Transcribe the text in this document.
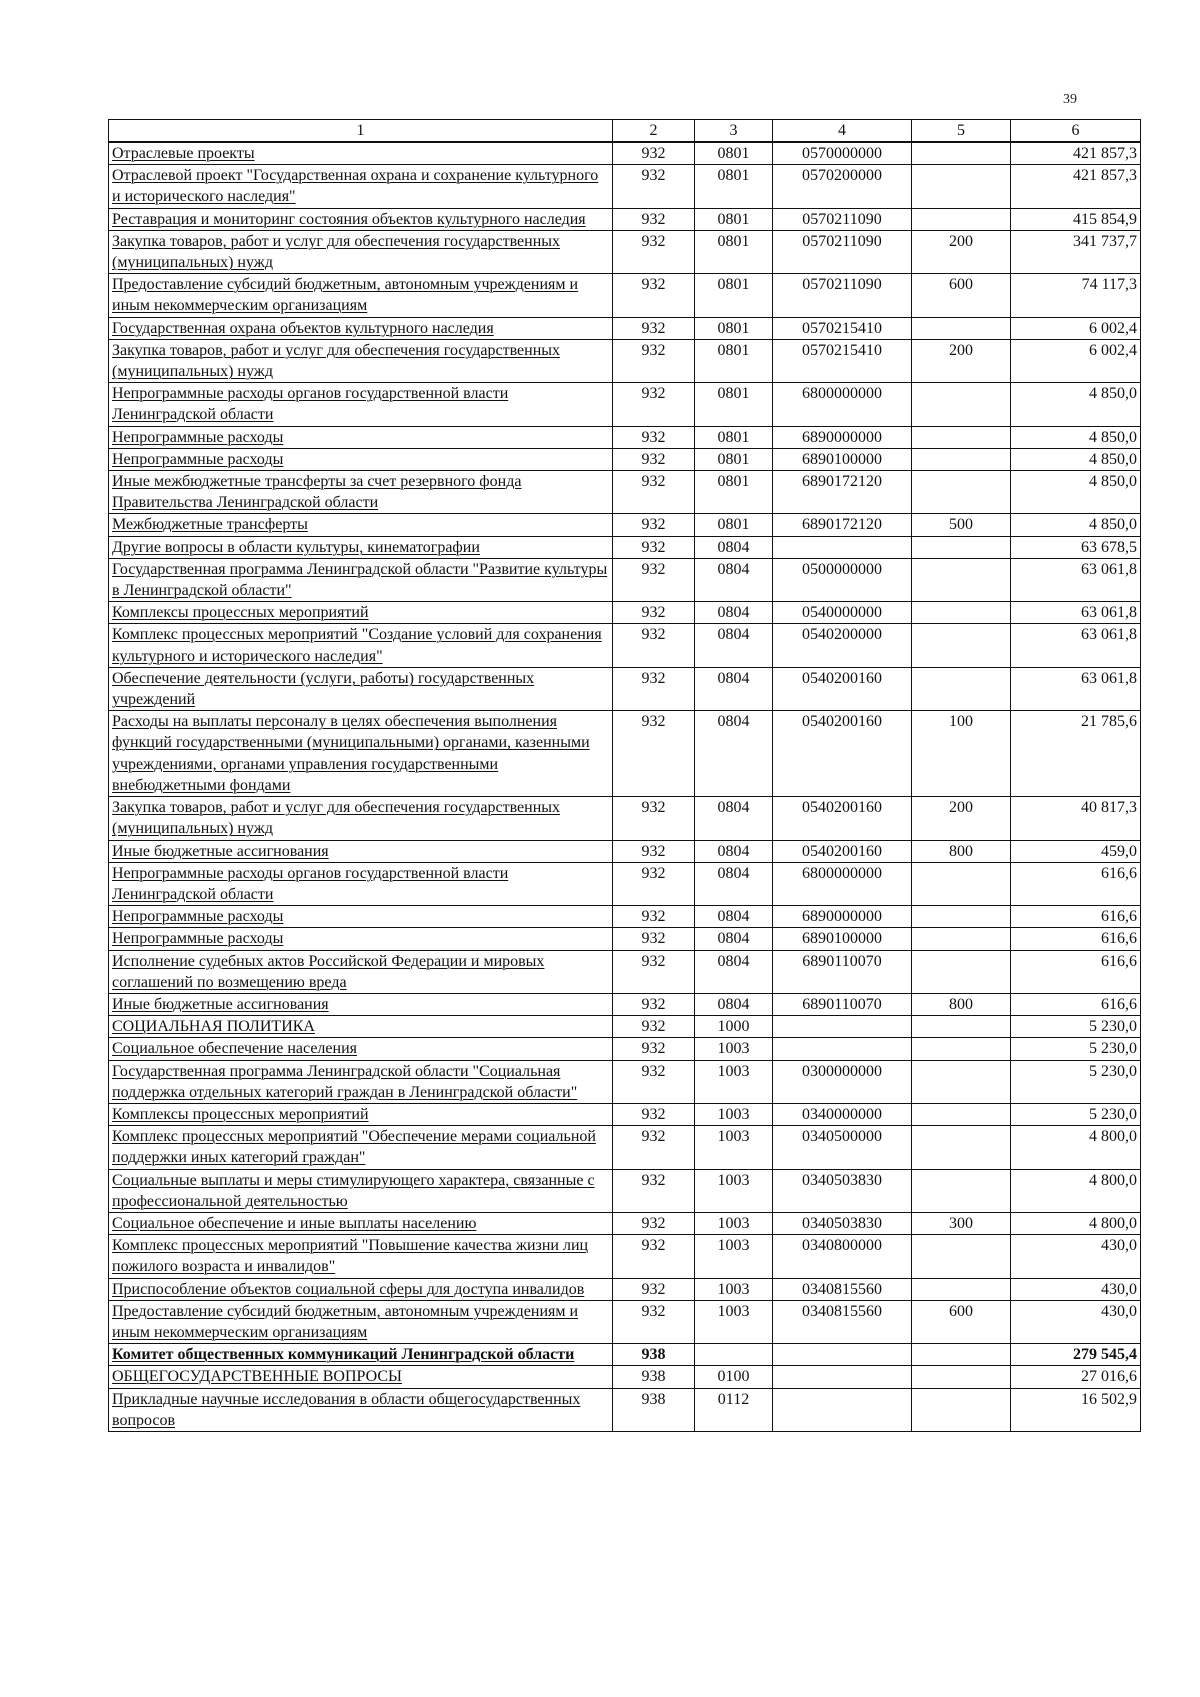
39
1	2	3	4	5	6
Отраслевые проекты	932	0801	0570000000		421 857,3
Отраслевой проект "Государственная охрана и сохранение культурного и исторического наследия"	932	0801	0570200000		421 857,3
Реставрация и мониторинг состояния объектов культурного наследия	932	0801	0570211090		415 854,9
Закупка товаров, работ и услуг для обеспечения государственных (муниципальных) нужд	932	0801	0570211090	200	341 737,7
Предоставление субсидий бюджетным, автономным учреждениям и иным некоммерческим организациям	932	0801	0570211090	600	74 117,3
Государственная охрана объектов культурного наследия	932	0801	0570215410		6 002,4
Закупка товаров, работ и услуг для обеспечения государственных (муниципальных) нужд	932	0801	0570215410	200	6 002,4
Непрограммные расходы органов государственной власти Ленинградской области	932	0801	6800000000		4 850,0
Непрограммные расходы	932	0801	6890000000		4 850,0
Непрограммные расходы	932	0801	6890100000		4 850,0
Иные межбюджетные трансферты за счет резервного фонда Правительства Ленинградской области	932	0801	6890172120		4 850,0
Межбюджетные трансферты	932	0801	6890172120	500	4 850,0
Другие вопросы в области культуры, кинематографии	932	0804			63 678,5
Государственная программа Ленинградской области "Развитие культуры в Ленинградской области"	932	0804	0500000000		63 061,8
Комплексы процессных мероприятий	932	0804	0540000000		63 061,8
Комплекс процессных мероприятий "Создание условий для сохранения культурного и исторического наследия"	932	0804	0540200000		63 061,8
Обеспечение деятельности (услуги, работы) государственных учреждений	932	0804	0540200160		63 061,8
Расходы на выплаты персоналу в целях обеспечения выполнения функций государственными (муниципальными) органами, казенными учреждениями, органами управления государственными внебюджетными фондами	932	0804	0540200160	100	21 785,6
Закупка товаров, работ и услуг для обеспечения государственных (муниципальных) нужд	932	0804	0540200160	200	40 817,3
Иные бюджетные ассигнования	932	0804	0540200160	800	459,0
Непрограммные расходы органов государственной власти Ленинградской области	932	0804	6800000000		616,6
Непрограммные расходы	932	0804	6890000000		616,6
Непрограммные расходы	932	0804	6890100000		616,6
Исполнение судебных актов Российской Федерации и мировых соглашений по возмещению вреда	932	0804	6890110070		616,6
Иные бюджетные ассигнования	932	0804	6890110070	800	616,6
СОЦИАЛЬНАЯ ПОЛИТИКА	932	1000			5 230,0
Социальное обеспечение населения	932	1003			5 230,0
Государственная программа Ленинградской области "Социальная поддержка отдельных категорий граждан в Ленинградской области"	932	1003	0300000000		5 230,0
Комплексы процессных мероприятий	932	1003	0340000000		5 230,0
Комплекс процессных мероприятий "Обеспечение мерами социальной поддержки иных категорий граждан"	932	1003	0340500000		4 800,0
Социальные выплаты и меры стимулирующего характера, связанные с профессиональной деятельностью	932	1003	0340503830		4 800,0
Социальное обеспечение и иные выплаты населению	932	1003	0340503830	300	4 800,0
Комплекс процессных мероприятий "Повышение качества жизни лиц пожилого возраста и инвалидов"	932	1003	0340800000		430,0
Приспособление объектов социальной сферы для доступа инвалидов	932	1003	0340815560		430,0
Предоставление субсидий бюджетным, автономным учреждениям и иным некоммерческим организациям	932	1003	0340815560	600	430,0
Комитет общественных коммуникаций Ленинградской области	938				279 545,4
ОБЩЕГОСУДАРСТВЕННЫЕ ВОПРОСЫ	938	0100			27 016,6
Прикладные научные исследования в области общегосударственных вопросов	938	0112			16 502,9
